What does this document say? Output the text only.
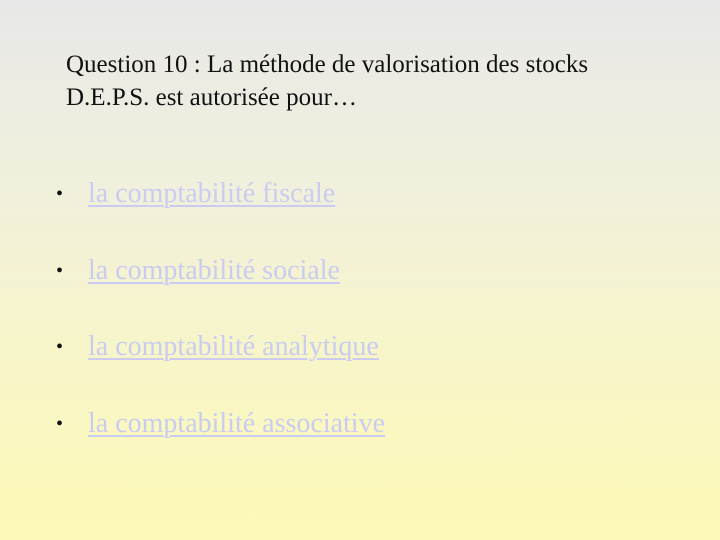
Question 10 : La méthode de valorisation des stocks
D.E.P.S. est autorisée pour…
• la comptabilité fiscale
• la comptabilité sociale
• la comptabilité analytique
• la comptabilité associative
